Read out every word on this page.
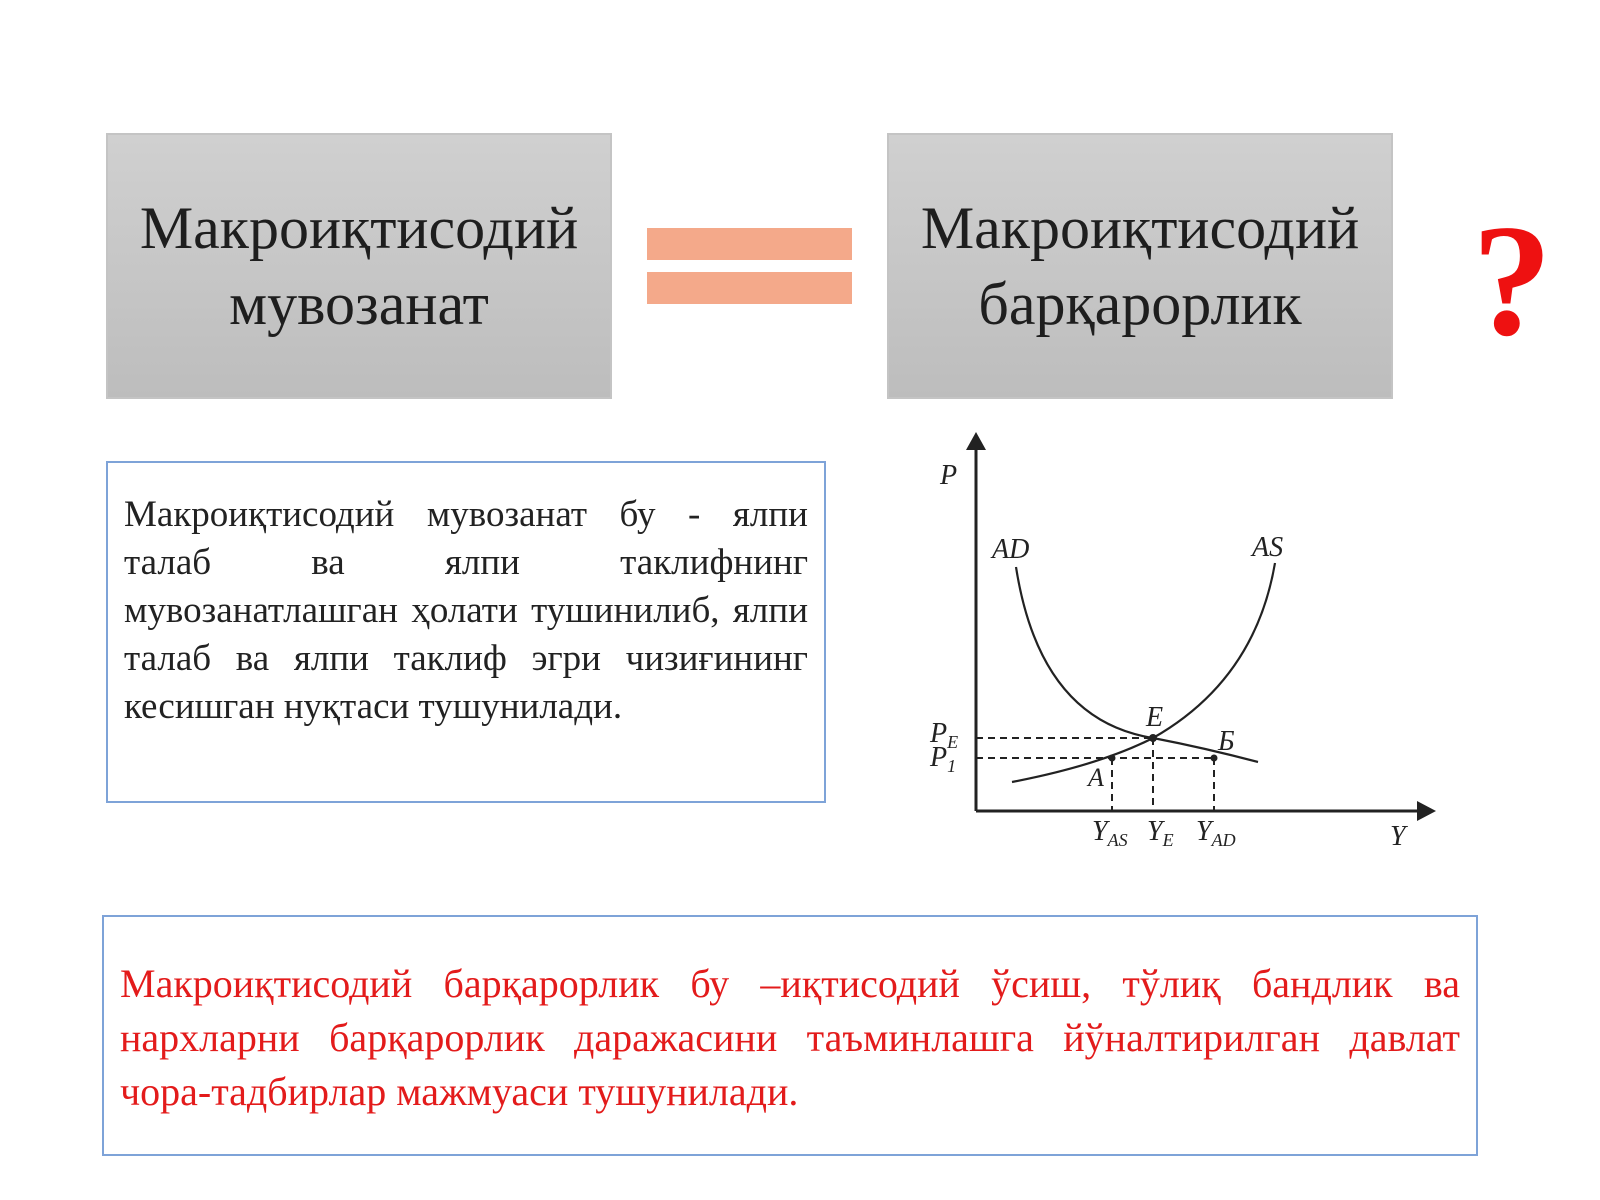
Макроиқтисодий
мувозанат
Макроиқтисодий
барқарорлик	?
Макроиқтисодий мувозанат бу - ялпи талаб ва ялпи таклифнинг мувозанатлашган ҳолати тушинилиб, ялпи талаб ва ялпи таклиф эгри чизиғининг кесишган нуқтаси тушунилади.
P
Y
AD	AS
E
A
Б
$P_E$
$P_1$
$Y_{AS}$ $Y_E$ $Y_{AD}$
Макроиқтисодий барқарорлик бу –иқтисодий ўсиш, тўлиқ бандлик ва нархларни барқарорлик даражасини таъминлашга йўналтирилган давлат чора-тадбирлар мажмуаси тушунилади.
